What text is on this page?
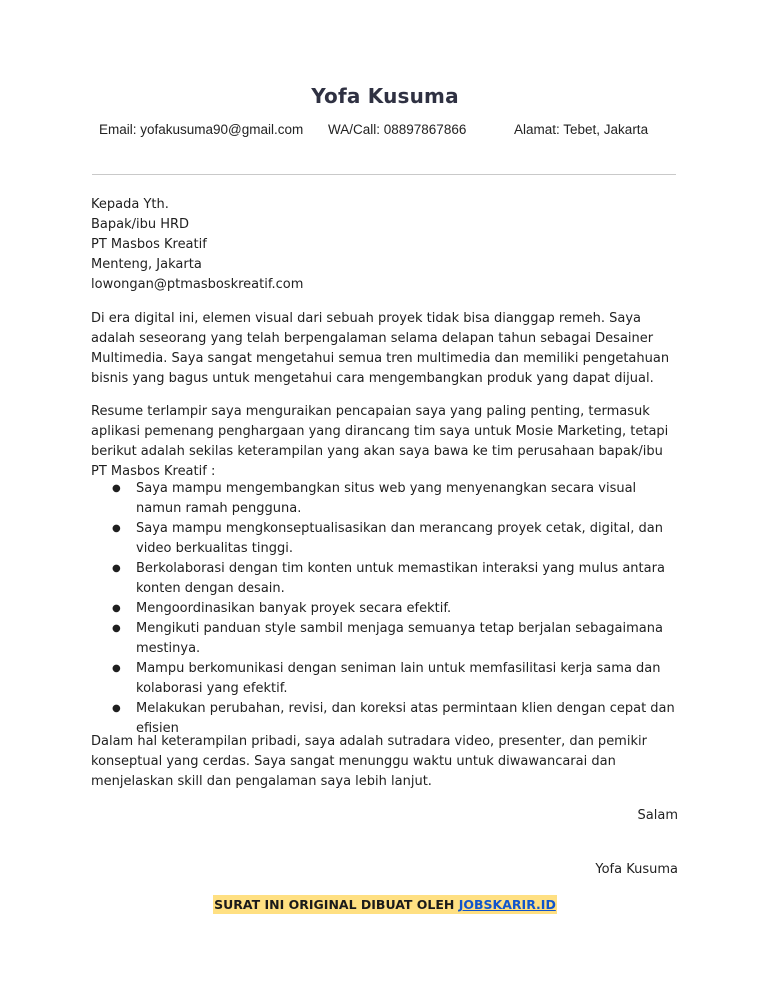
Yofa Kusuma
Email: yofakusuma90@gmail.com WA/Call: 08897867866	Alamat: Tebet, Jakarta
Kepada Yth.
Bapak/ibu HRD
PT Masbos Kreatif
Menteng, Jakarta
lowongan@ptmasboskreatif.com
Di era digital ini, elemen visual dari sebuah proyek tidak bisa dianggap remeh. Saya adalah seseorang yang telah berpengalaman selama delapan tahun sebagai Desainer Multimedia. Saya sangat mengetahui semua tren multimedia dan memiliki pengetahuan bisnis yang bagus untuk mengetahui cara mengembangkan produk yang dapat dijual.
Resume terlampir saya menguraikan pencapaian saya yang paling penting, termasuk aplikasi pemenang penghargaan yang dirancang tim saya untuk Mosie Marketing, tetapi berikut adalah sekilas keterampilan yang akan saya bawa ke tim perusahaan bapak/ibu PT Masbos Kreatif :
● Saya mampu mengembangkan situs web yang menyenangkan secara visual namun ramah pengguna.
● Saya mampu mengkonseptualisasikan dan merancang proyek cetak, digital, dan video berkualitas tinggi.
● Berkolaborasi dengan tim konten untuk memastikan interaksi yang mulus antara konten dengan desain.
● Mengoordinasikan banyak proyek secara efektif.
● Mengikuti panduan style sambil menjaga semuanya tetap berjalan sebagaimana mestinya.
● Mampu berkomunikasi dengan seniman lain untuk memfasilitasi kerja sama dan kolaborasi yang efektif.
● Melakukan perubahan, revisi, dan koreksi atas permintaan klien dengan cepat dan efisien
Dalam hal keterampilan pribadi, saya adalah sutradara video, presenter, dan pemikir konseptual yang cerdas. Saya sangat menunggu waktu untuk diwawancarai dan menjelaskan skill dan pengalaman saya lebih lanjut.
Salam
Yofa Kusuma
SURAT INI ORIGINAL DIBUAT OLEH JOBSKARIR.ID
